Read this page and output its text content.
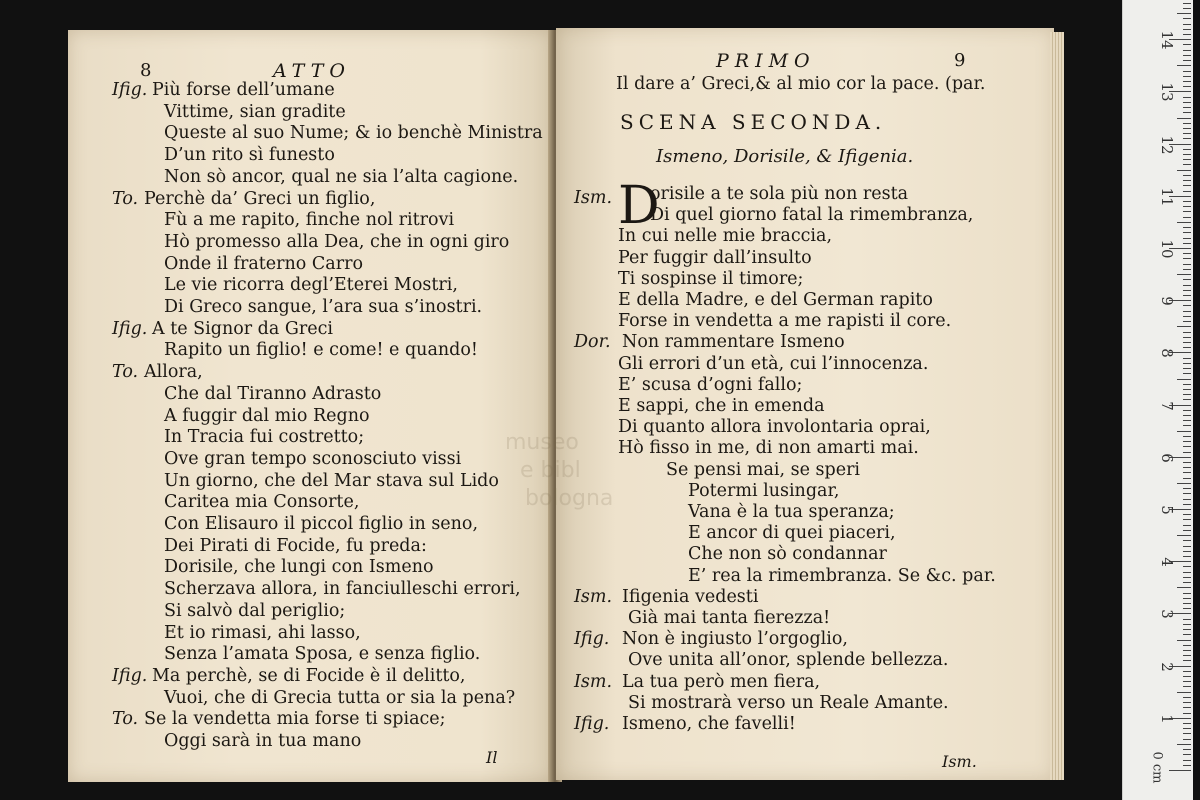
8	ATTO
Ifig. Più forse dell’umane
Vittime, sian gradite
Queste al suo Nume; & io benchè Ministra
D’un rito sì funesto
Non sò ancor, qual ne sia l’alta cagione.
To. Perchè da’ Greci un figlio,
Fù a me rapito, finche nol ritrovi
Hò promesso alla Dea, che in ogni giro
Onde il fraterno Carro
Le vie ricorra degl’Eterei Mostri,
Di Greco sangue, l’ara sua s’inostri.
Ifig. A te Signor da Greci
Rapito un figlio! e come! e quando!
To. Allora,
Che dal Tiranno Adrasto
A fuggir dal mio Regno
In Tracia fui costretto;
Ove gran tempo sconosciuto vissi
Un giorno, che del Mar stava sul Lido
Caritea mia Consorte,
Con Elisauro il piccol figlio in seno,
Dei Pirati di Focide, fu preda:
Dorisile, che lungi con Ismeno
Scherzava allora, in fanciulleschi errori,
Si salvò dal periglio;
Et io rimasi, ahi lasso,
Senza l’amata Sposa, e senza figlio.
Ifig. Ma perchè, se di Focide è il delitto,
Vuoi, che di Grecia tutta or sia la pena?
To. Se la vendetta mia forse ti spiace;
Oggi sarà in tua mano
Il
PRIMO	9
Il dare a’ Greci,& al mio cor la pace. (par.
SCENA SECONDA.
Ismeno, Dorisile, & Ifigenia.
Ism. D
orisile a te sola più non resta
Di quel giorno fatal la rimembranza,
In cui nelle mie braccia,
Per fuggir dall’insulto
Ti sospinse il timore;
E della Madre, e del German rapito
Forse in vendetta a me rapisti il core.
Dor. Non rammentare Ismeno
Gli errori d’un età, cui l’innocenza.
E’ scusa d’ogni fallo;
E sappi, che in emenda
Di quanto allora involontaria oprai,
Hò fisso in me, di non amarti mai.
Se pensi mai, se speri
Potermi lusingar,
Vana è la tua speranza;
E ancor di quei piaceri,
Che non sò condannar
E’ rea la rimembranza. Se &c. par.
Ism. Ifigenia vedesti
Già mai tanta fierezza!
Ifig. Non è ingiusto l’orgoglio,
Ove unita all’onor, splende bellezza.
Ism. La tua però men fiera,
Si mostrarà verso un Reale Amante.
Ifig. Ismeno, che favelli!
Ism.
museo
e bibl
bologna
1
2
3
4
5
6
7
8
9
10
11
12
13
14
0 cm
